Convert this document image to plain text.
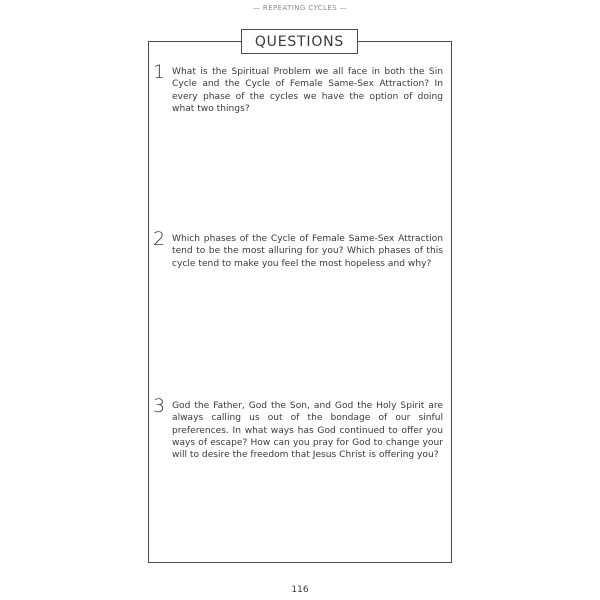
— REPEATING CYCLES —
QUESTIONS
1 What is the Spiritual Problem we all face in both the Sin Cycle and the Cycle of Female Same-Sex Attraction? In every phase of the cycles we have the option of doing what two things?
2 Which phases of the Cycle of Female Same-Sex Attraction tend to be the most alluring for you? Which phases of this cycle tend to make you feel the most hopeless and why?
3 God the Father, God the Son, and God the Holy Spirit are always calling us out of the bondage of our sinful preferences. In what ways has God continued to offer you ways of escape? How can you pray for God to change your will to desire the freedom that Jesus Christ is offering you?
116
